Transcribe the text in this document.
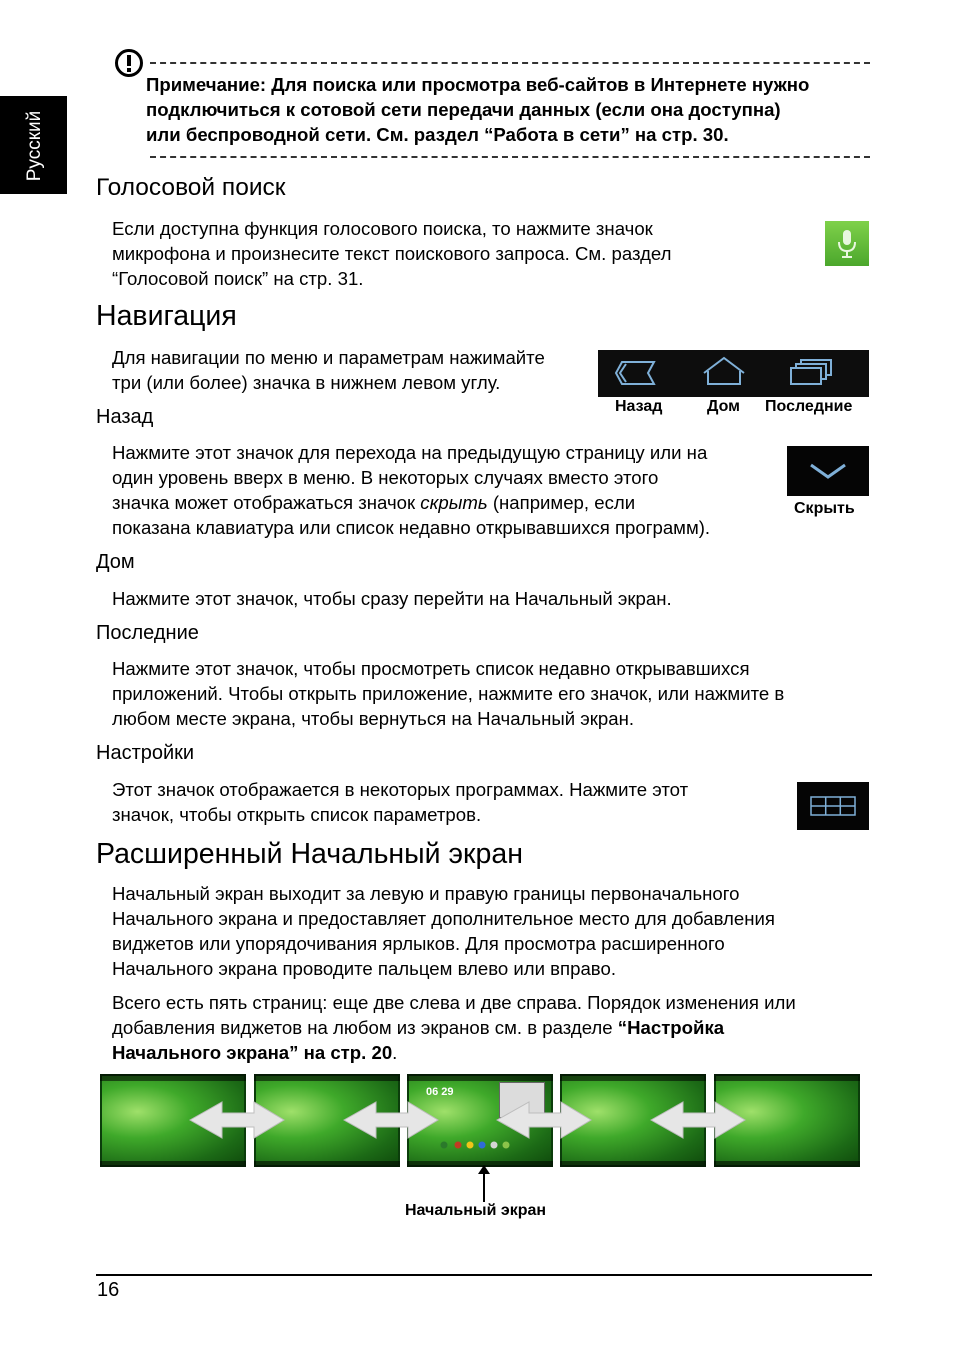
Русский
Примечание: Для поиска или просмотра веб-сайтов в Интернете нужно
подключиться к сотовой сети передачи данных (если она доступна)
или беспроводной сети. См. раздел “Работа в сети” на стр. 30.
Голосовой поиск

Если доступна функция голосового поиска, то нажмите значок
микрофона и произнесите текст поискового запроса. См. раздел
“Голосовой поиск” на стр. 31.

Навигация

Для навигации по меню и параметрам нажимайте
три (или более) значка в нижнем левом углу.

Назад	Дом Последние
Назад

Нажмите этот значок для перехода на предыдущую страницу или на
один уровень вверх в меню. В некоторых случаях вместо этого
значка может отображаться значок скрыть (например, если
показана клавиатура или список недавно открывавшихся программ).

Скрыть
Дом

Нажмите этот значок, чтобы сразу перейти на Начальный экран.

Последние

Нажмите этот значок, чтобы просмотреть список недавно открывавшихся
приложений. Чтобы открыть приложение, нажмите его значок, или нажмите в
любом месте экрана, чтобы вернуться на Начальный экран.

Настройки

Этот значок отображается в некоторых программах. Нажмите этот
значок, чтобы открыть список параметров.

Расширенный Начальный экран

Начальный экран выходит за левую и правую границы первоначального
Начального экрана и предоставляет дополнительное место для добавления
виджетов или упорядочивания ярлыков. Для просмотра расширенного
Начального экрана проводите пальцем влево или вправо.

Всего есть пять страниц: еще две слева и две справа. Порядок изменения или
добавления виджетов на любом из экранов см. в разделе “Настройка
Начального экрана” на стр. 20.

06 29
Начальный экран
16
